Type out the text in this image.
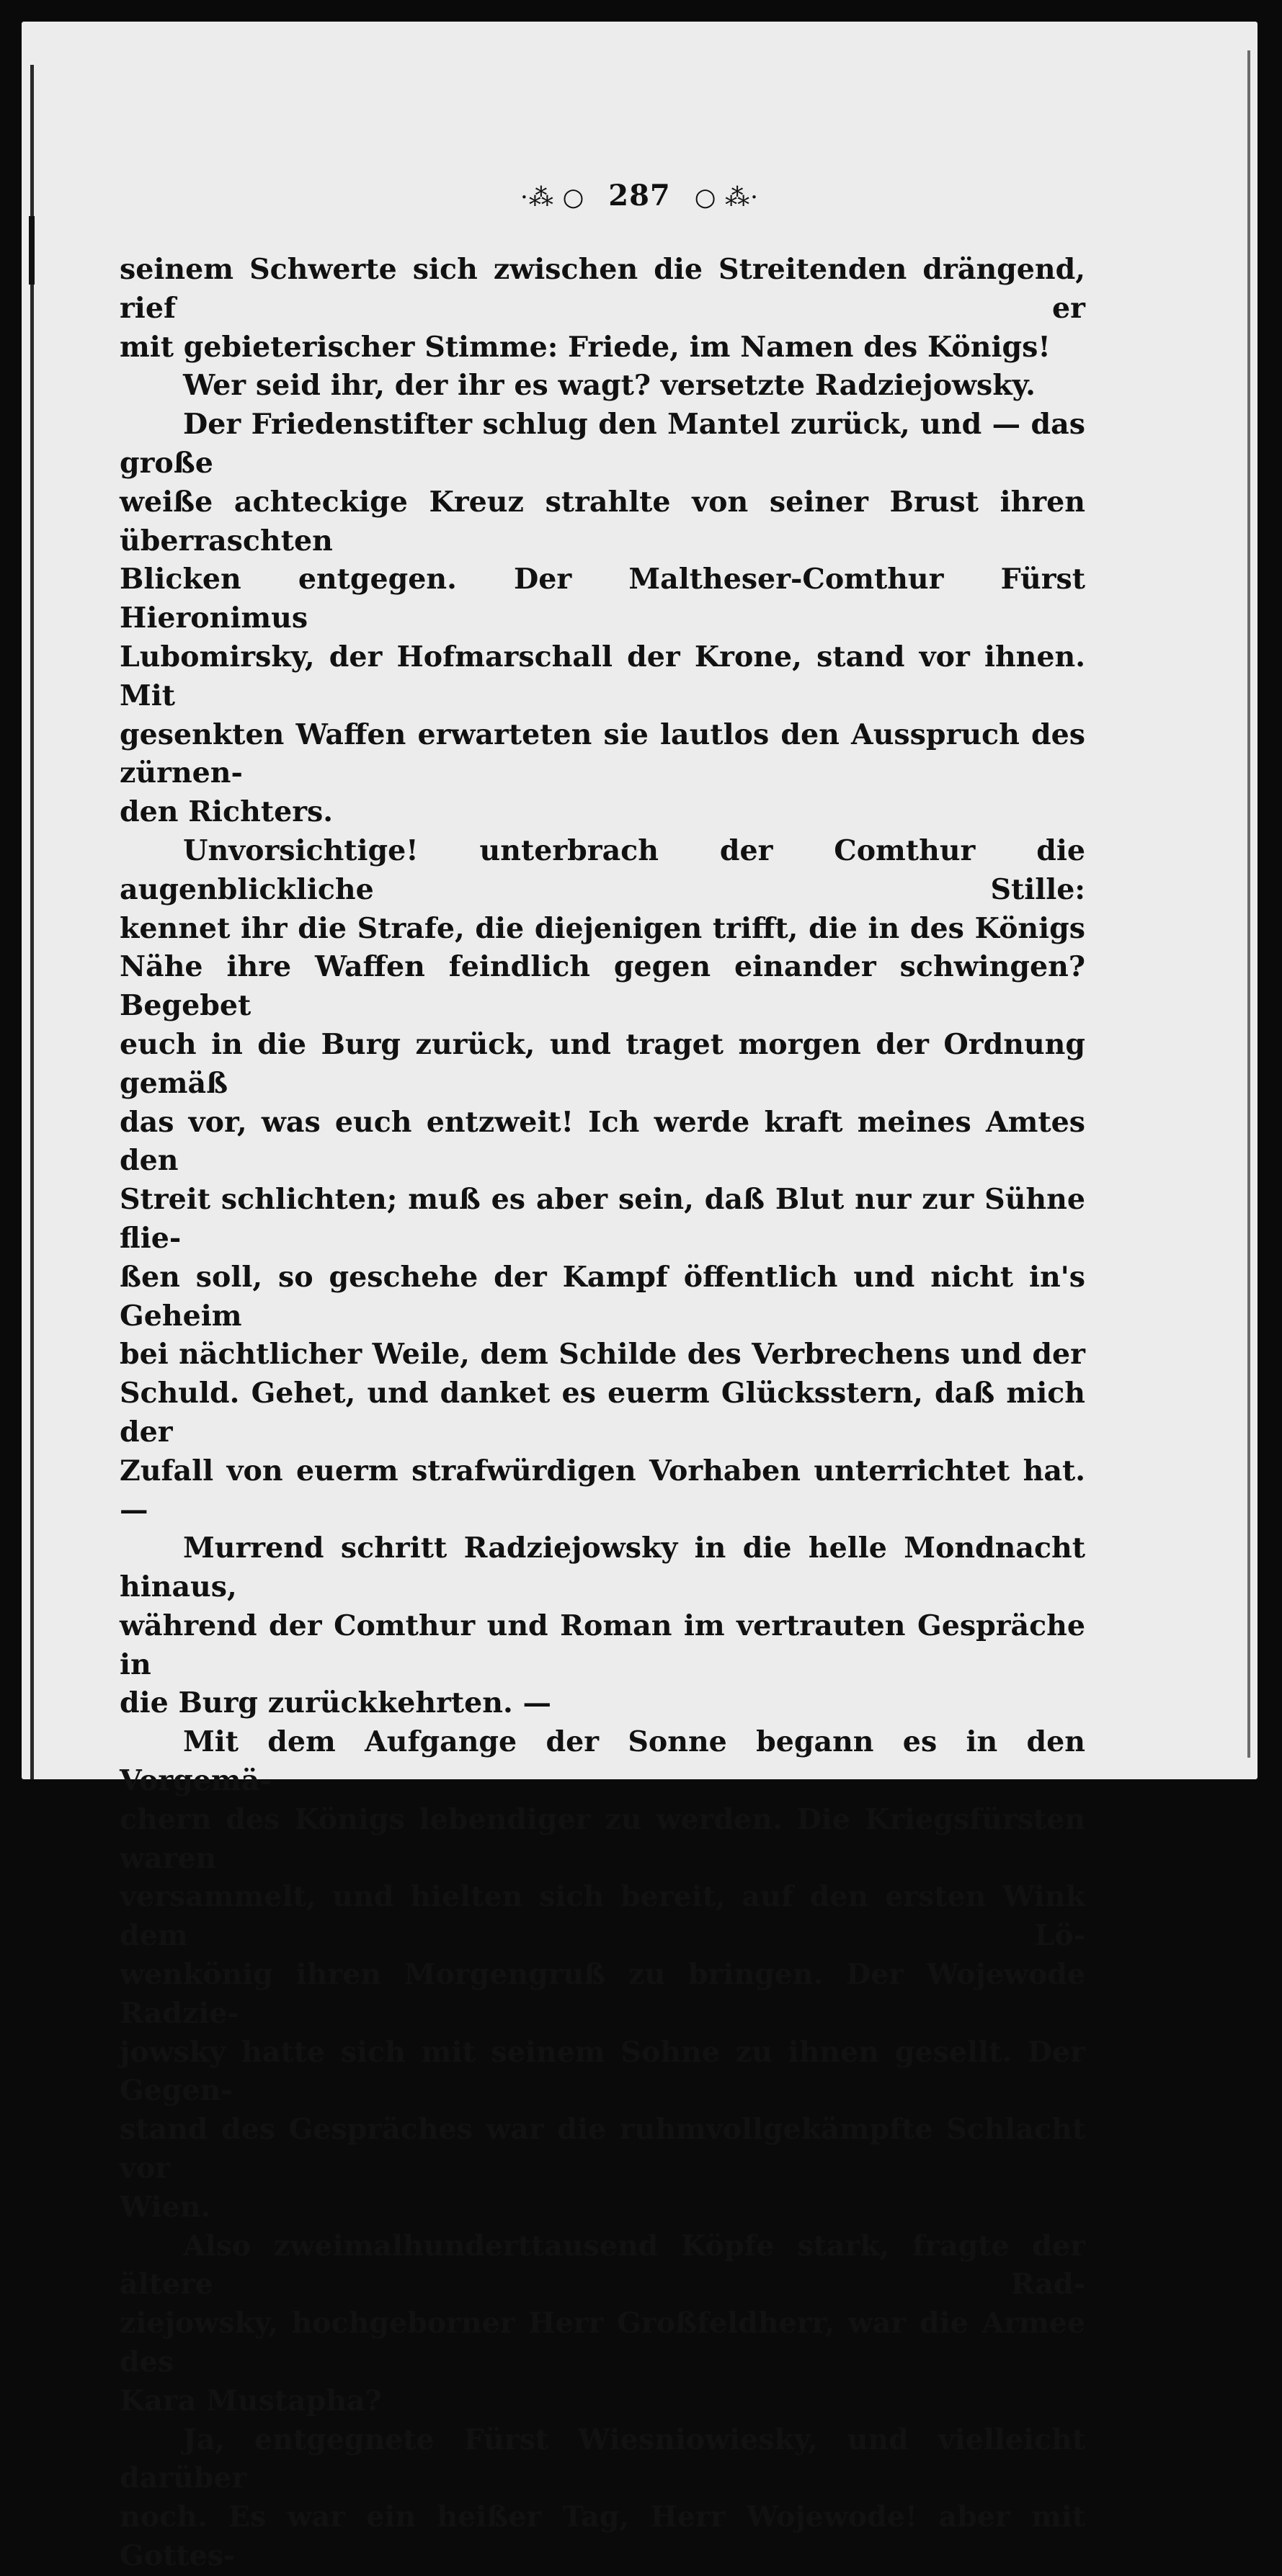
·⁂ ○ 287 ○ ⁂·

seinem Schwerte sich zwischen die Streitenden drängend, rief er

mit gebieterischer Stimme: Friede, im Namen des Königs!

Wer seid ihr, der ihr es wagt? versetzte Radziejowsky.

Der Friedenstifter schlug den Mantel zurück, und — das große

weiße achteckige Kreuz strahlte von seiner Brust ihren überraschten

Blicken entgegen. Der Maltheser-Comthur Fürst Hieronimus

Lubomirsky, der Hofmarschall der Krone, stand vor ihnen. Mit

gesenkten Waffen erwarteten sie lautlos den Ausspruch des zürnen-

den Richters.

Unvorsichtige! unterbrach der Comthur die augenblickliche Stille:

kennet ihr die Strafe, die diejenigen trifft, die in des Königs

Nähe ihre Waffen feindlich gegen einander schwingen? Begebet

euch in die Burg zurück, und traget morgen der Ordnung gemäß

das vor, was euch entzweit! Ich werde kraft meines Amtes den

Streit schlichten; muß es aber sein, daß Blut nur zur Sühne flie-

ßen soll, so geschehe der Kampf öffentlich und nicht in's Geheim

bei nächtlicher Weile, dem Schilde des Verbrechens und der

Schuld. Gehet, und danket es euerm Glücksstern, daß mich der

Zufall von euerm strafwürdigen Vorhaben unterrichtet hat. —

Murrend schritt Radziejowsky in die helle Mondnacht hinaus,

während der Comthur und Roman im vertrauten Gespräche in

die Burg zurückkehrten. —

Mit dem Aufgange der Sonne begann es in den Vorgemä-

chern des Königs lebendiger zu werden. Die Kriegsfürsten waren

versammelt, und hielten sich bereit, auf den ersten Wink dem Lö-

wenkönig ihren Morgengruß zu bringen. Der Wojewode Radzie-

jowsky hatte sich mit seinem Sohne zu ihnen gesellt. Der Gegen-

stand des Gespräches war die ruhmvollgekämpfte Schlacht vor

Wien.

Also zweimalhunderttausend Köpfe stark, fragte der ältere Rad-

ziejowsky, hochgeborner Herr Großfeldherr, war die Armee des

Kara Mustapha?

Ja, entgegnete Fürst Wiesniowiesky, und vielleicht darüber

noch. Es war ein heißer Tag, Herr Wojewode! aber mit Gottes-
